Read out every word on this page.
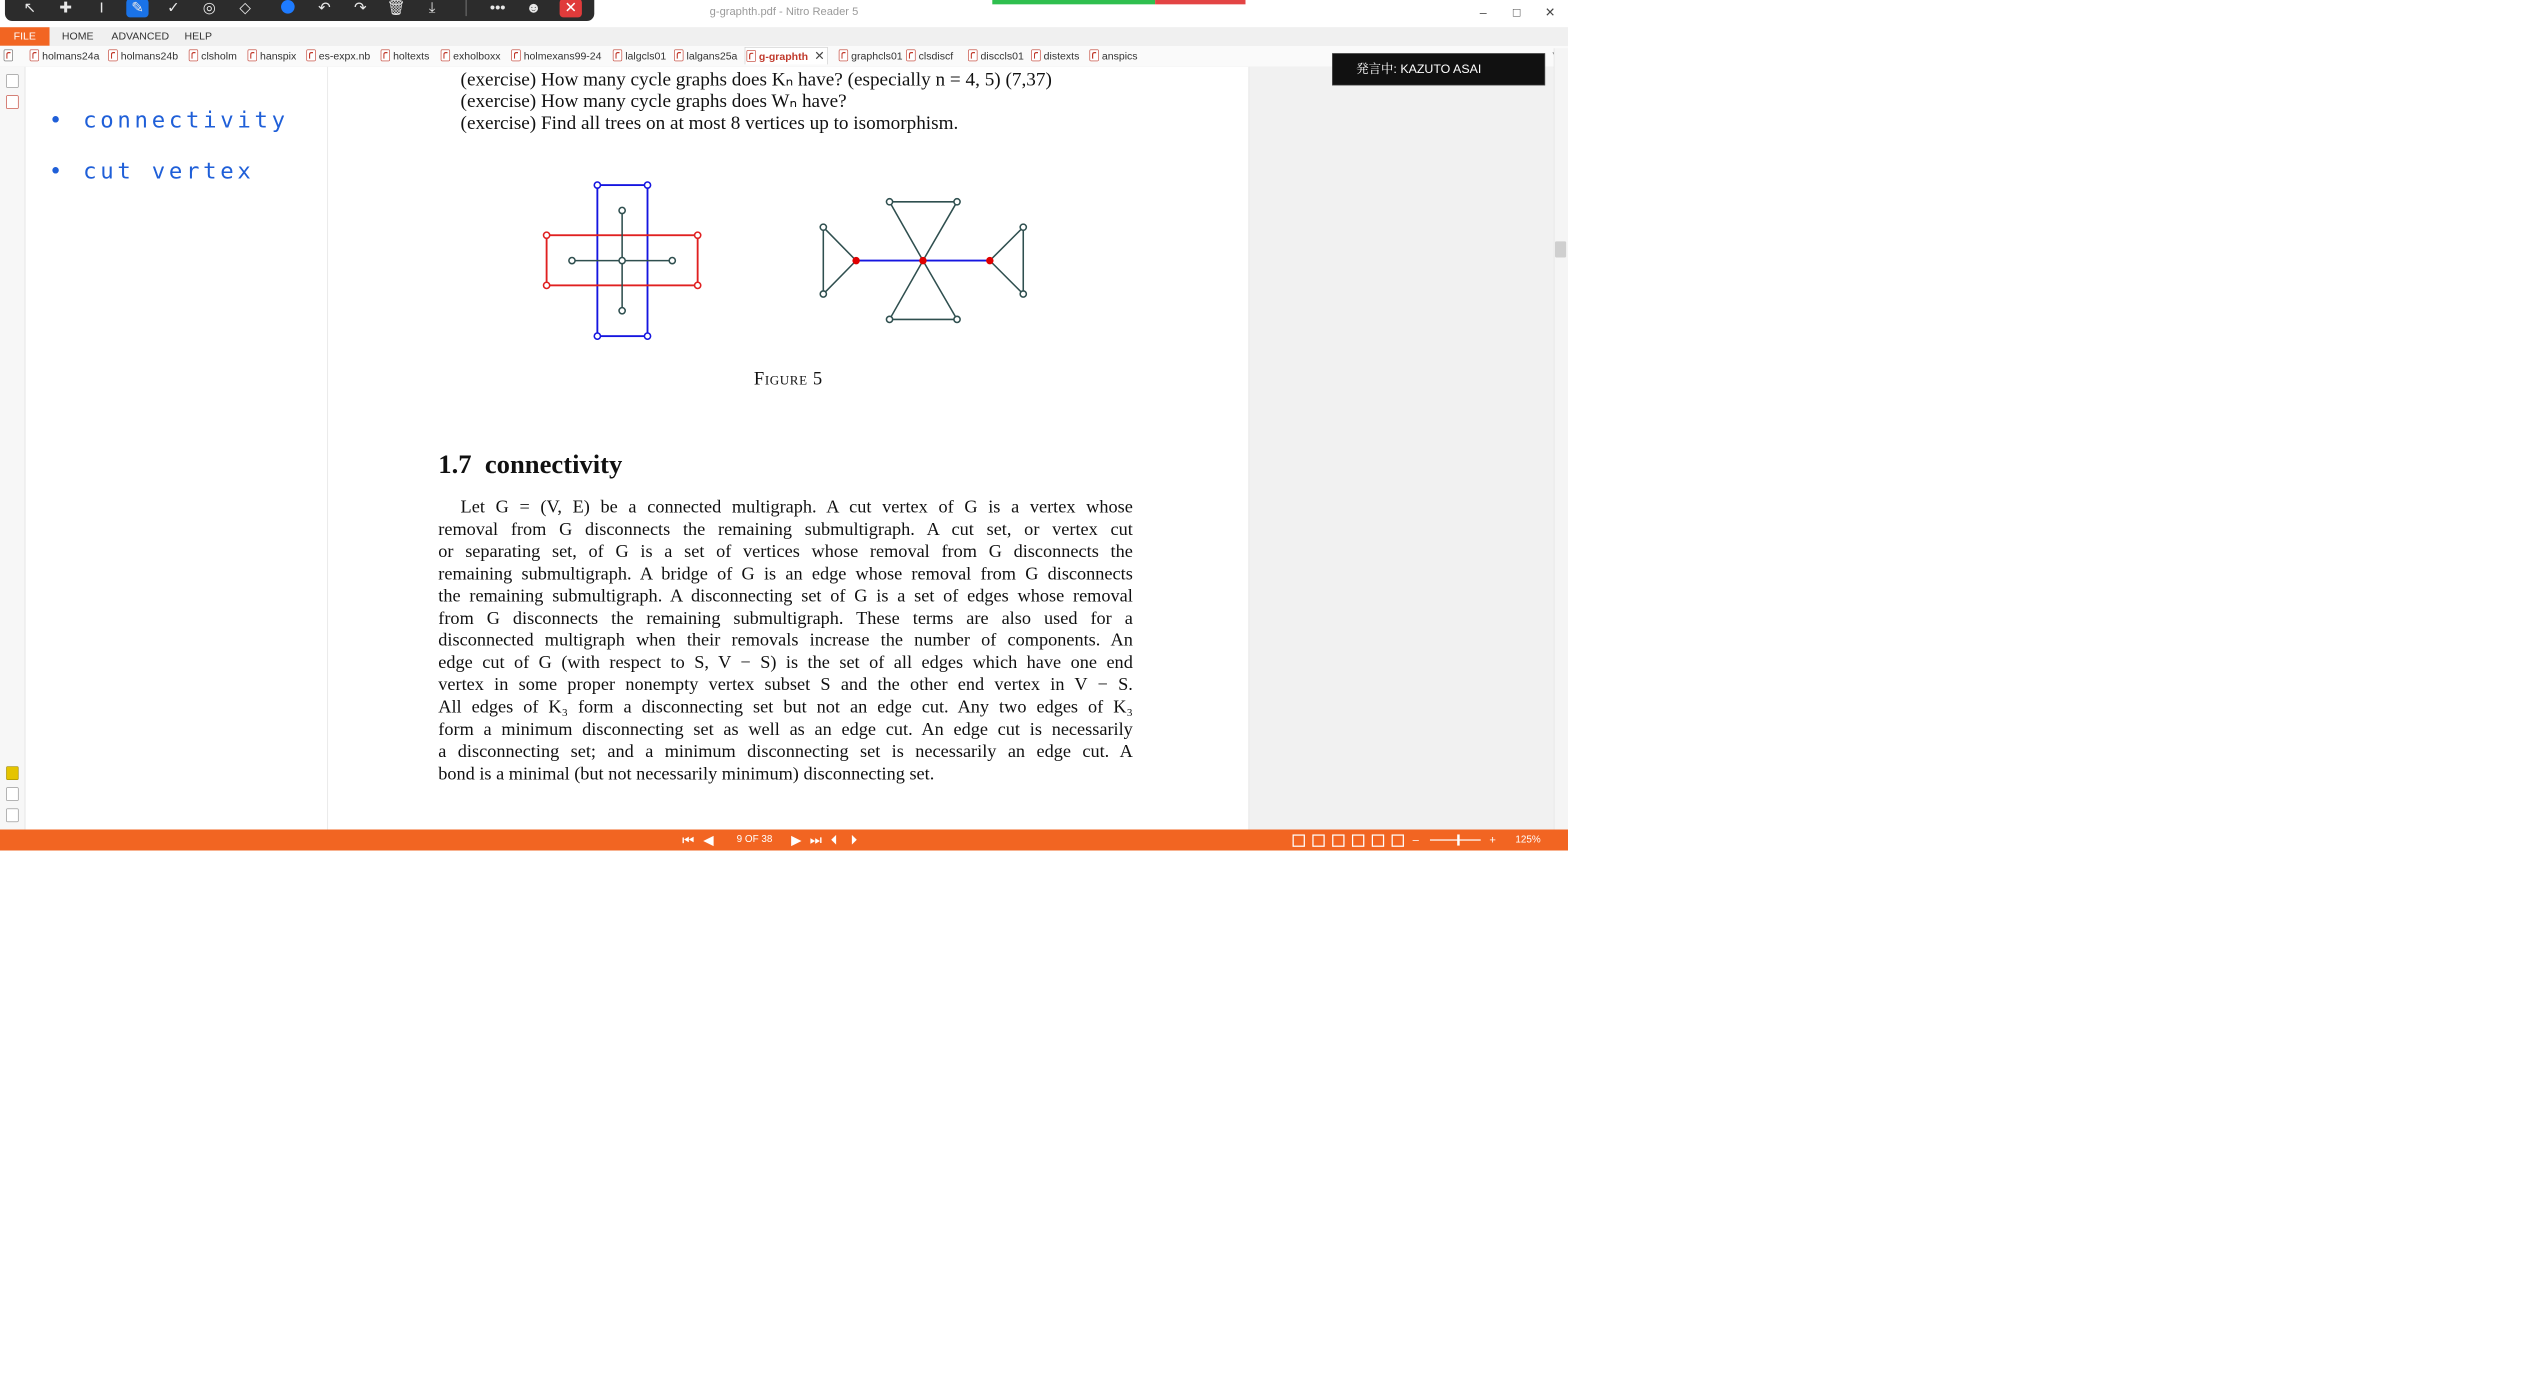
g-graphth.pdf - Nitro Reader 5	–	□	✕
↖ ✚	I	✎ ✓ ◎ ◇	↶ ↷ 🗑 ⤓	••• ☻ ✕
FILE	HOME ADVANCED HELP
holmans24a	holmans24b	clsholm	hanspix	es-expx.nb	holtexts	exholboxx	holmexans99-24	lalgcls01	lalgans25a	g-graphth ✕	graphcls01 clsdiscf	disccls01	distexts	anspics
• connectivity
• cut vertex
(exercise) How many cycle graphs does Kₙ have? (especially n = 4, 5) (7,37)
(exercise) How many cycle graphs does Wₙ have?
(exercise) Find all trees on at most 8 vertices up to isomorphism.
Figure 5
1.7 connectivity
Let G = (V, E) be a connected multigraph. A cut vertex of G is a vertex whose
removal from G disconnects the remaining submultigraph. A cut set, or vertex cut
or separating set, of G is a set of vertices whose removal from G disconnects the
remaining submultigraph. A bridge of G is an edge whose removal from G disconnects
the remaining submultigraph. A disconnecting set of G is a set of edges whose removal
from G disconnects the remaining submultigraph. These terms are also used for a
disconnected multigraph when their removals increase the number of components. An
edge cut of G (with respect to S, V − S) is the set of all edges which have one end
vertex in some proper nonempty vertex subset S and the other end vertex in V − S.
All edges of K₃ form a disconnecting set but not an edge cut. Any two edges of K₃
form a minimum disconnecting set as well as an edge cut. An edge cut is necessarily
a disconnecting set; and a minimum disconnecting set is necessarily an edge cut. A
bond is a minimal (but not necessarily minimum) disconnecting set.
発言中: KAZUTO ASAI
⏮ ◀ 9 OF 38 ▶ ⏭ ⏴ ⏵	–	+ 125%
